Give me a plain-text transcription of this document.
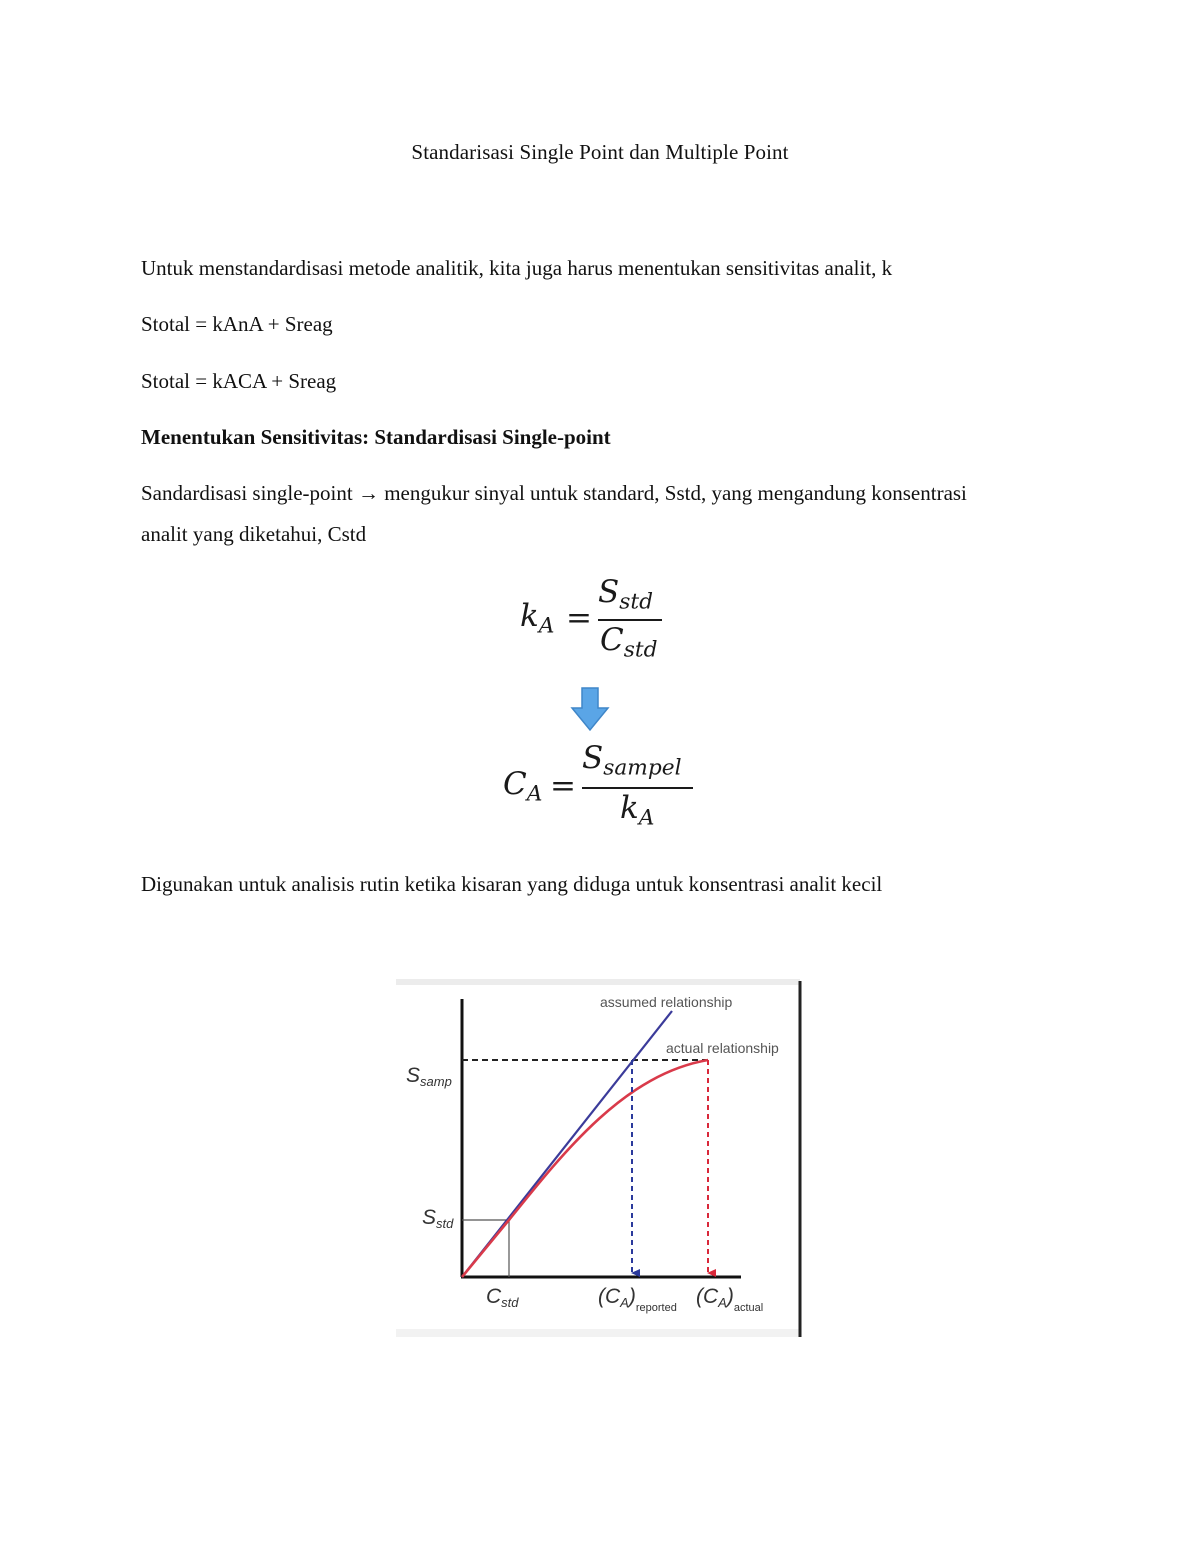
Standarisasi Single Point dan Multiple Point

Untuk menstandardisasi metode analitik, kita juga harus menentukan sensitivitas analit, k

Stotal = kAnA + Sreag

Stotal = kACA + Sreag

Menentukan Sensitivitas: Standardisasi Single-point

Sandardisasi single-point → mengukur sinyal untuk standard, Sstd, yang mengandung konsentrasi

analit yang diketahui, Cstd

$k_A$ =
$S_{std}$
$C_{std}$
$C_A$ =
$S_{sampel}$
$k_A$

Digunakan untuk analisis rutin ketika kisaran yang diduga untuk konsentrasi analit kecil

assumed relationship
actual relationship
Ssamp
Sstd
Cstd	$(CA)_{reported}$ $(CA)_{actual}$
